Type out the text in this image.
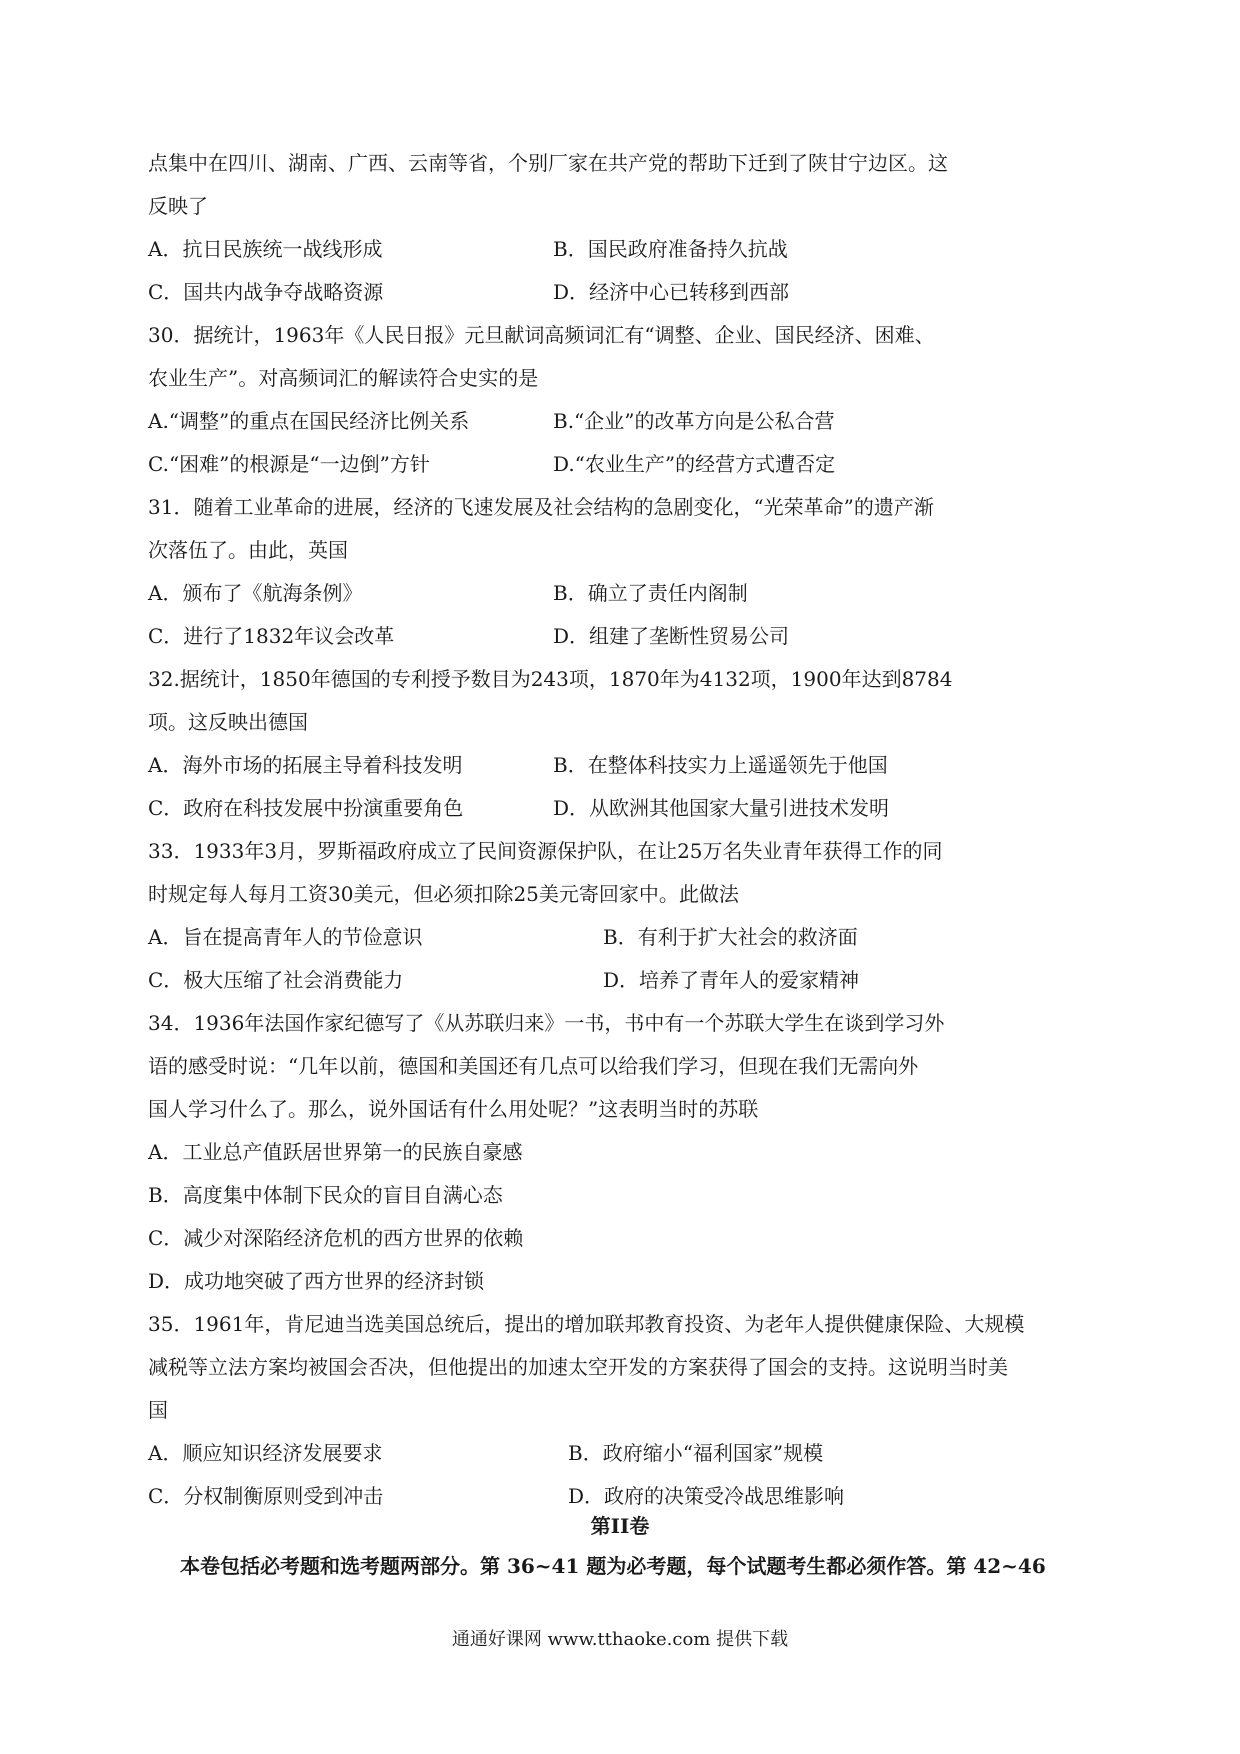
点集中在四川、湖南、广西、云南等省，个别厂家在共产党的帮助下迁到了陕甘宁边区。这
反映了
A．抗日民族统一战线形成	B．国民政府准备持久抗战
C．国共内战争夺战略资源	D．经济中心已转移到西部
30．据统计，1963年《人民日报》元旦献词高频词汇有“调整、企业、国民经济、困难、
农业生产”。对高频词汇的解读符合史实的是
A.“调整”的重点在国民经济比例关系	B.“企业”的改革方向是公私合营
C.“困难”的根源是“一边倒”方针	D.“农业生产”的经营方式遭否定
31．随着工业革命的进展，经济的飞速发展及社会结构的急剧变化，“光荣革命”的遗产渐
次落伍了。由此，英国
A．颁布了《航海条例》	B．确立了责任内阁制
C．进行了1832年议会改革	D．组建了垄断性贸易公司
32.据统计，1850年德国的专利授予数目为243项，1870年为4132项，1900年达到8784
项。这反映出德国
A．海外市场的拓展主导着科技发明	B．在整体科技实力上遥遥领先于他国
C．政府在科技发展中扮演重要角色	D．从欧洲其他国家大量引进技术发明
33．1933年3月，罗斯福政府成立了民间资源保护队，在让25万名失业青年获得工作的同
时规定每人每月工资30美元，但必须扣除25美元寄回家中。此做法
A．旨在提高青年人的节俭意识	B．有利于扩大社会的救济面
C．极大压缩了社会消费能力	D．培养了青年人的爱家精神
34．1936年法国作家纪德写了《从苏联归来》一书，书中有一个苏联大学生在谈到学习外
语的感受时说：“几年以前，德国和美国还有几点可以给我们学习，但现在我们无需向外
国人学习什么了。那么，说外国话有什么用处呢？”这表明当时的苏联
A．工业总产值跃居世界第一的民族自豪感
B．高度集中体制下民众的盲目自满心态
C．减少对深陷经济危机的西方世界的依赖
D．成功地突破了西方世界的经济封锁
35．1961年，肯尼迪当选美国总统后，提出的增加联邦教育投资、为老年人提供健康保险、大规模
减税等立法方案均被国会否决，但他提出的加速太空开发的方案获得了国会的支持。这说明当时美
国
A．顺应知识经济发展要求	B．政府缩小“福利国家”规模
C．分权制衡原则受到冲击	D．政府的决策受冷战思维影响
第II卷
本卷包括必考题和选考题两部分。第 36~41 题为必考题，每个试题考生都必须作答。第 42~46
通通好课网 www.tthaoke.com 提供下载
